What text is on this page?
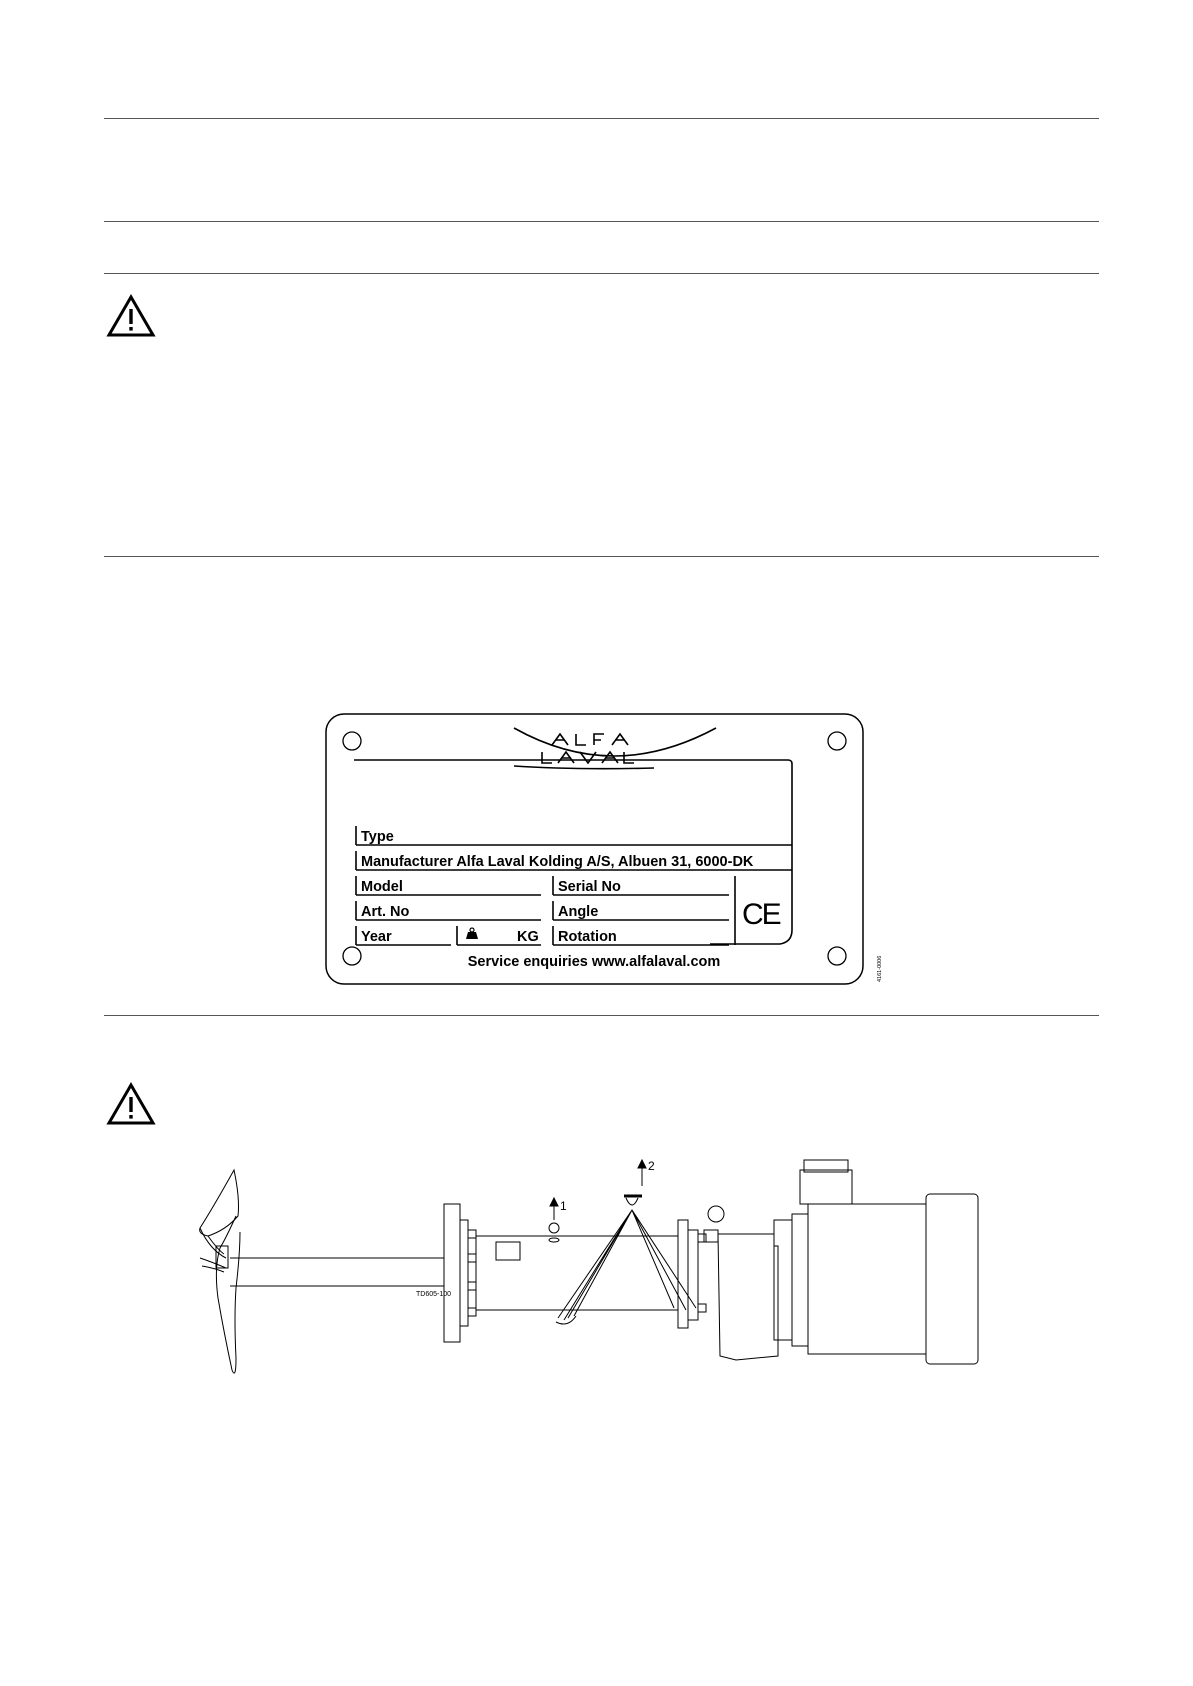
ALFA LAVAL
Type
Manufacturer Alfa Laval Kolding A/S, Albuen 31, 6000-DK
Model	Serial No
Art. No	Angle
Year	KG Rotation
CE
Service enquiries www.alfalaval.com	4161-0006
1
2
TD605-100
